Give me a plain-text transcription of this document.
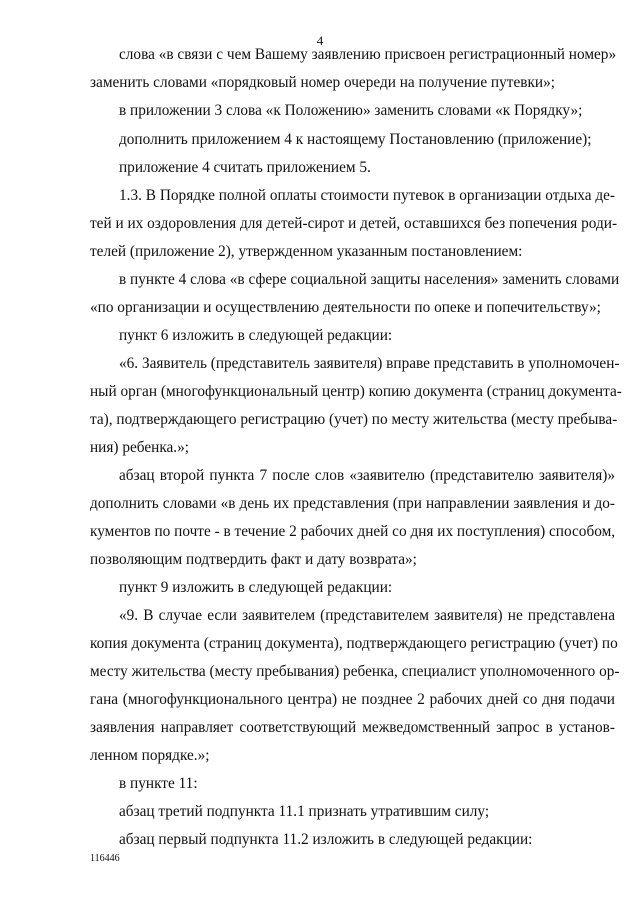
4
слова «в связи с чем Вашему заявлению присвоен регистрационный номер»
заменить словами «порядковый номер очереди на получение путевки»;
в приложении 3 слова «к Положению» заменить словами «к Порядку»;
дополнить приложением 4 к настоящему Постановлению (приложение);
приложение 4 считать приложением 5.
1.3. В Порядке полной оплаты стоимости путевок в организации отдыха де-
тей и их оздоровления для детей-сирот и детей, оставшихся без попечения роди-
телей (приложение 2), утвержденном указанным постановлением:
в пункте 4 слова «в сфере социальной защиты населения» заменить словами
«по организации и осуществлению деятельности по опеке и попечительству»;
пункт 6 изложить в следующей редакции:
«6. Заявитель (представитель заявителя) вправе представить в уполномочен-
ный орган (многофункциональный центр) копию документа (страниц документа-
та), подтверждающего регистрацию (учет) по месту жительства (месту пребыва-
ния) ребенка.»;
абзац второй пункта 7 после слов «заявителю (представителю заявителя)»
дополнить словами «в день их представления (при направлении заявления и до-
кументов по почте - в течение 2 рабочих дней со дня их поступления) способом,
позволяющим подтвердить факт и дату возврата»;
пункт 9 изложить в следующей редакции:
«9. В случае если заявителем (представителем заявителя) не представлена
копия документа (страниц документа), подтверждающего регистрацию (учет) по
месту жительства (месту пребывания) ребенка, специалист уполномоченного ор-
гана (многофункционального центра) не позднее 2 рабочих дней со дня подачи
заявления направляет соответствующий межведомственный запрос в установ-
ленном порядке.»;
в пункте 11:
абзац третий подпункта 11.1 признать утратившим силу;
абзац первый подпункта 11.2 изложить в следующей редакции:
116446
